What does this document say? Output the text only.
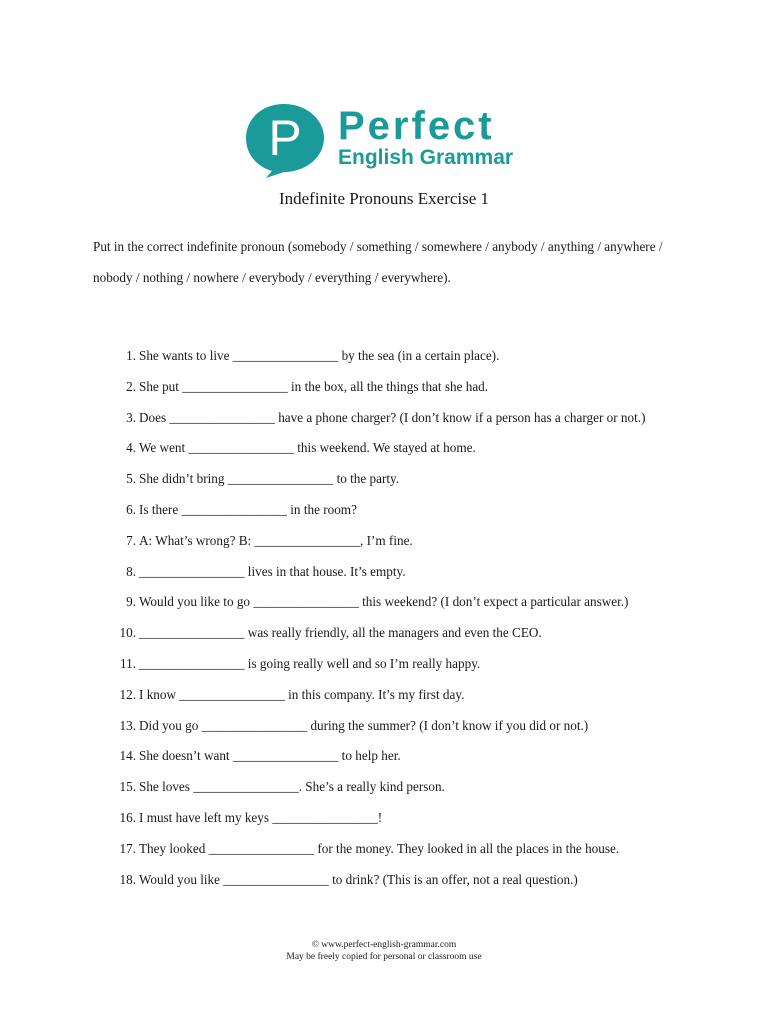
P Perfect
English Grammar
Indefinite Pronouns Exercise 1
Put in the correct indefinite pronoun (somebody / something / somewhere / anybody / anything / anywhere / nobody / nothing / nowhere / everybody / everything / everywhere).
1. She wants to live ________________ by the sea (in a certain place).
2. She put ________________ in the box, all the things that she had.
3. Does ________________ have a phone charger? (I don’t know if a person has a charger or not.)
4. We went ________________ this weekend. We stayed at home.
5. She didn’t bring ________________ to the party.
6. Is there ________________ in the room?
7. A: What’s wrong? B: ________________, I’m fine.
8. ________________ lives in that house. It’s empty.
9. Would you like to go ________________ this weekend? (I don’t expect a particular answer.)
10. ________________ was really friendly, all the managers and even the CEO.
11. ________________ is going really well and so I’m really happy.
12. I know ________________ in this company. It’s my first day.
13. Did you go ________________ during the summer? (I don’t know if you did or not.)
14. She doesn’t want ________________ to help her.
15. She loves ________________. She’s a really kind person.
16. I must have left my keys ________________!
17. They looked ________________ for the money. They looked in all the places in the house.
18. Would you like ________________ to drink? (This is an offer, not a real question.)
© www.perfect-english-grammar.com
May be freely copied for personal or classroom use
